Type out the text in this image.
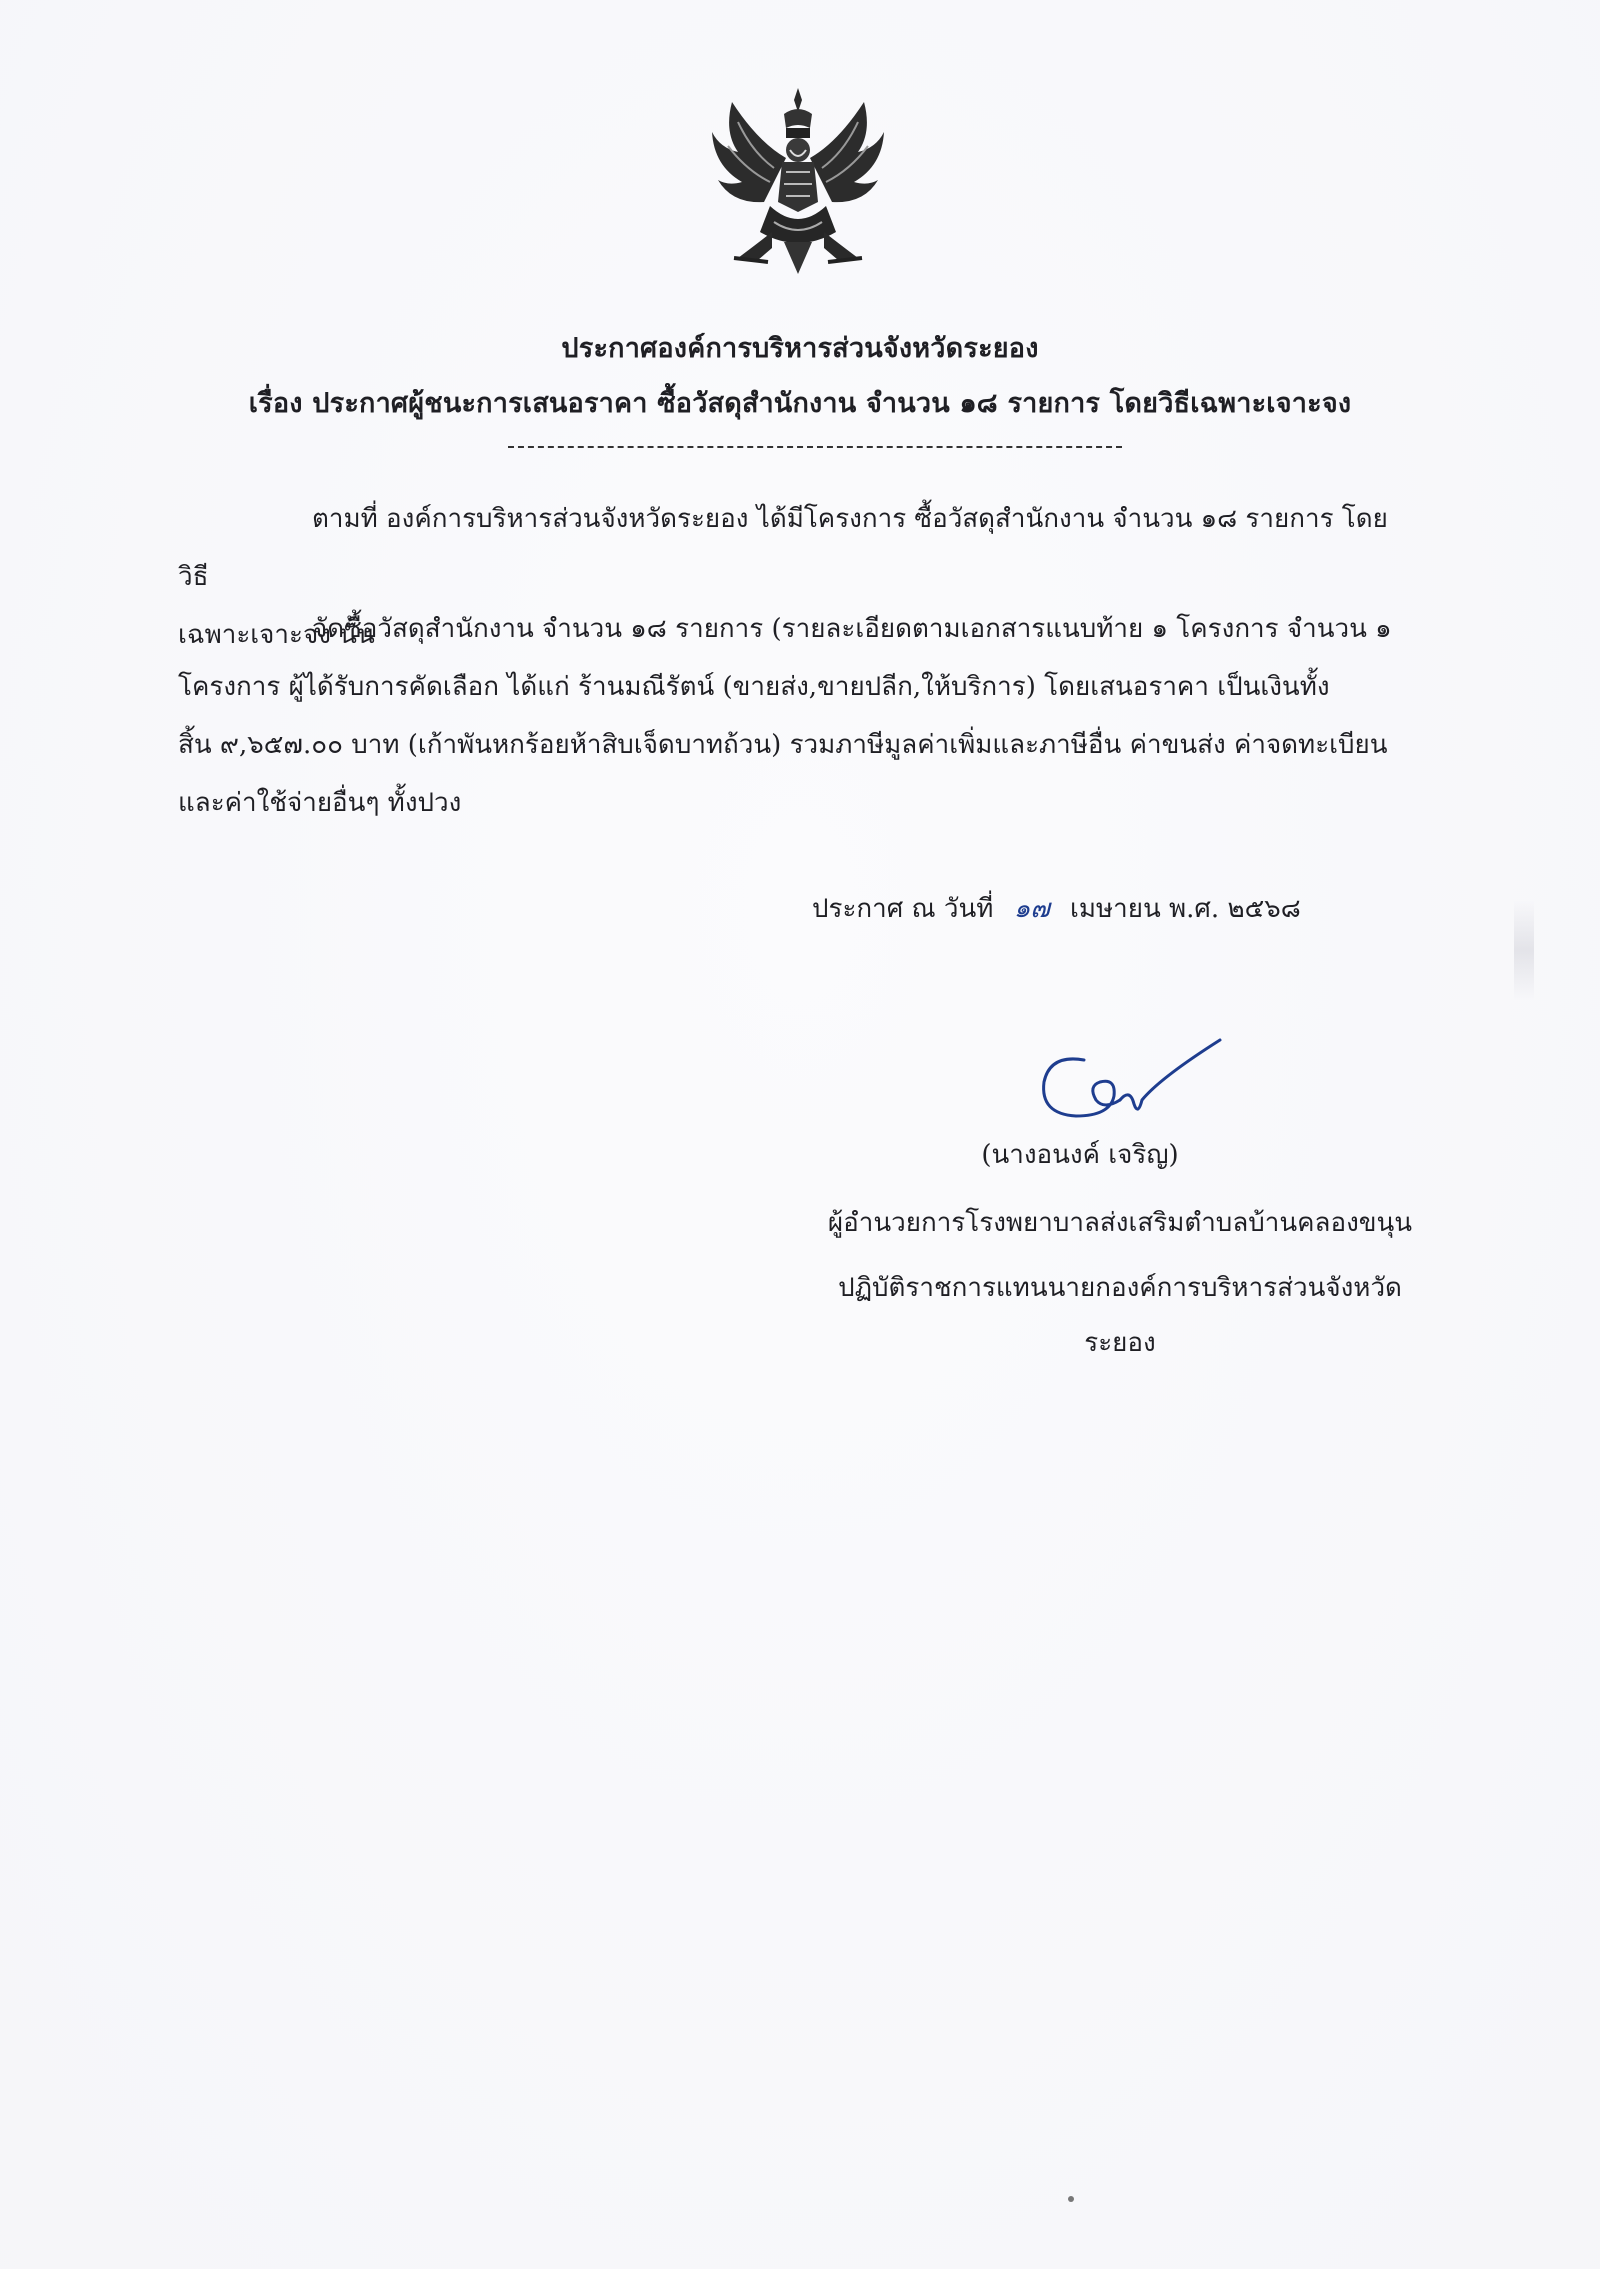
ประกาศองค์การบริหารส่วนจังหวัดระยอง
เรื่อง ประกาศผู้ชนะการเสนอราคา ซื้อวัสดุสำนักงาน จำนวน ๑๘ รายการ โดยวิธีเฉพาะเจาะจง
ตามที่ องค์การบริหารส่วนจังหวัดระยอง ได้มีโครงการ ซื้อวัสดุสำนักงาน จำนวน ๑๘ รายการ โดยวิธี
เฉพาะเจาะจง นั้น
จัดซื้อวัสดุสำนักงาน จำนวน ๑๘ รายการ (รายละเอียดตามเอกสารแนบท้าย ๑ โครงการ จำนวน ๑
โครงการ ผู้ได้รับการคัดเลือก ได้แก่ ร้านมณีรัตน์ (ขายส่ง,ขายปลีก,ให้บริการ) โดยเสนอราคา เป็นเงินทั้ง
สิ้น ๙,๖๕๗.๐๐ บาท (เก้าพันหกร้อยห้าสิบเจ็ดบาทถ้วน) รวมภาษีมูลค่าเพิ่มและภาษีอื่น ค่าขนส่ง ค่าจดทะเบียน
และค่าใช้จ่ายอื่นๆ ทั้งปวง
ประกาศ ณ วันที่ ๑๗ เมษายน พ.ศ. ๒๕๖๘
(นางอนงค์ เจริญ)
ผู้อำนวยการโรงพยาบาลส่งเสริมตำบลบ้านคลองขนุน
ปฏิบัติราชการแทนนายกองค์การบริหารส่วนจังหวัด
ระยอง
